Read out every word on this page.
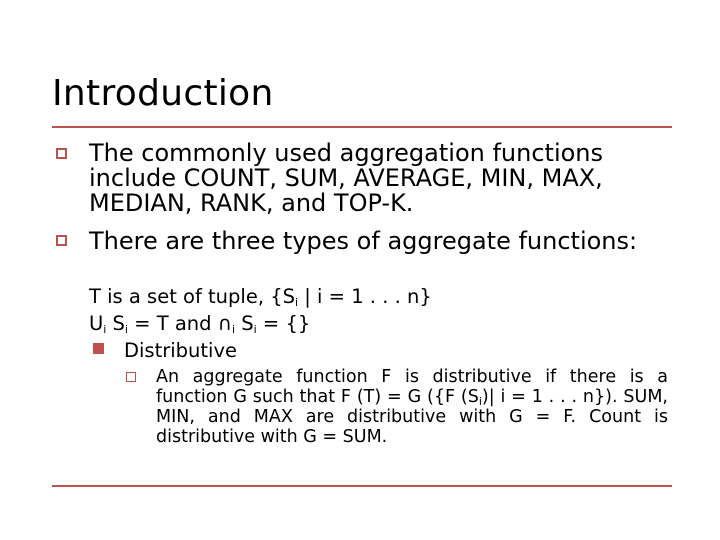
Introduction
The commonly used aggregation functions include COUNT, SUM, AVERAGE, MIN, MAX, MEDIAN, RANK, and TOP-K.
There are three types of aggregate functions:
T is a set of tuple, {$S_i$ | i = 1 . . . n}
$U_i$ $S_i = T$ and $\cap_i$ $S_i$ = {}
Distributive
An aggregate function F is distributive if there is a function G such that F (T) = G ({F $(S_i)|$ i = 1 . . . n}). SUM, MIN, and MAX are distributive with G = F. Count is distributive with G = SUM.
